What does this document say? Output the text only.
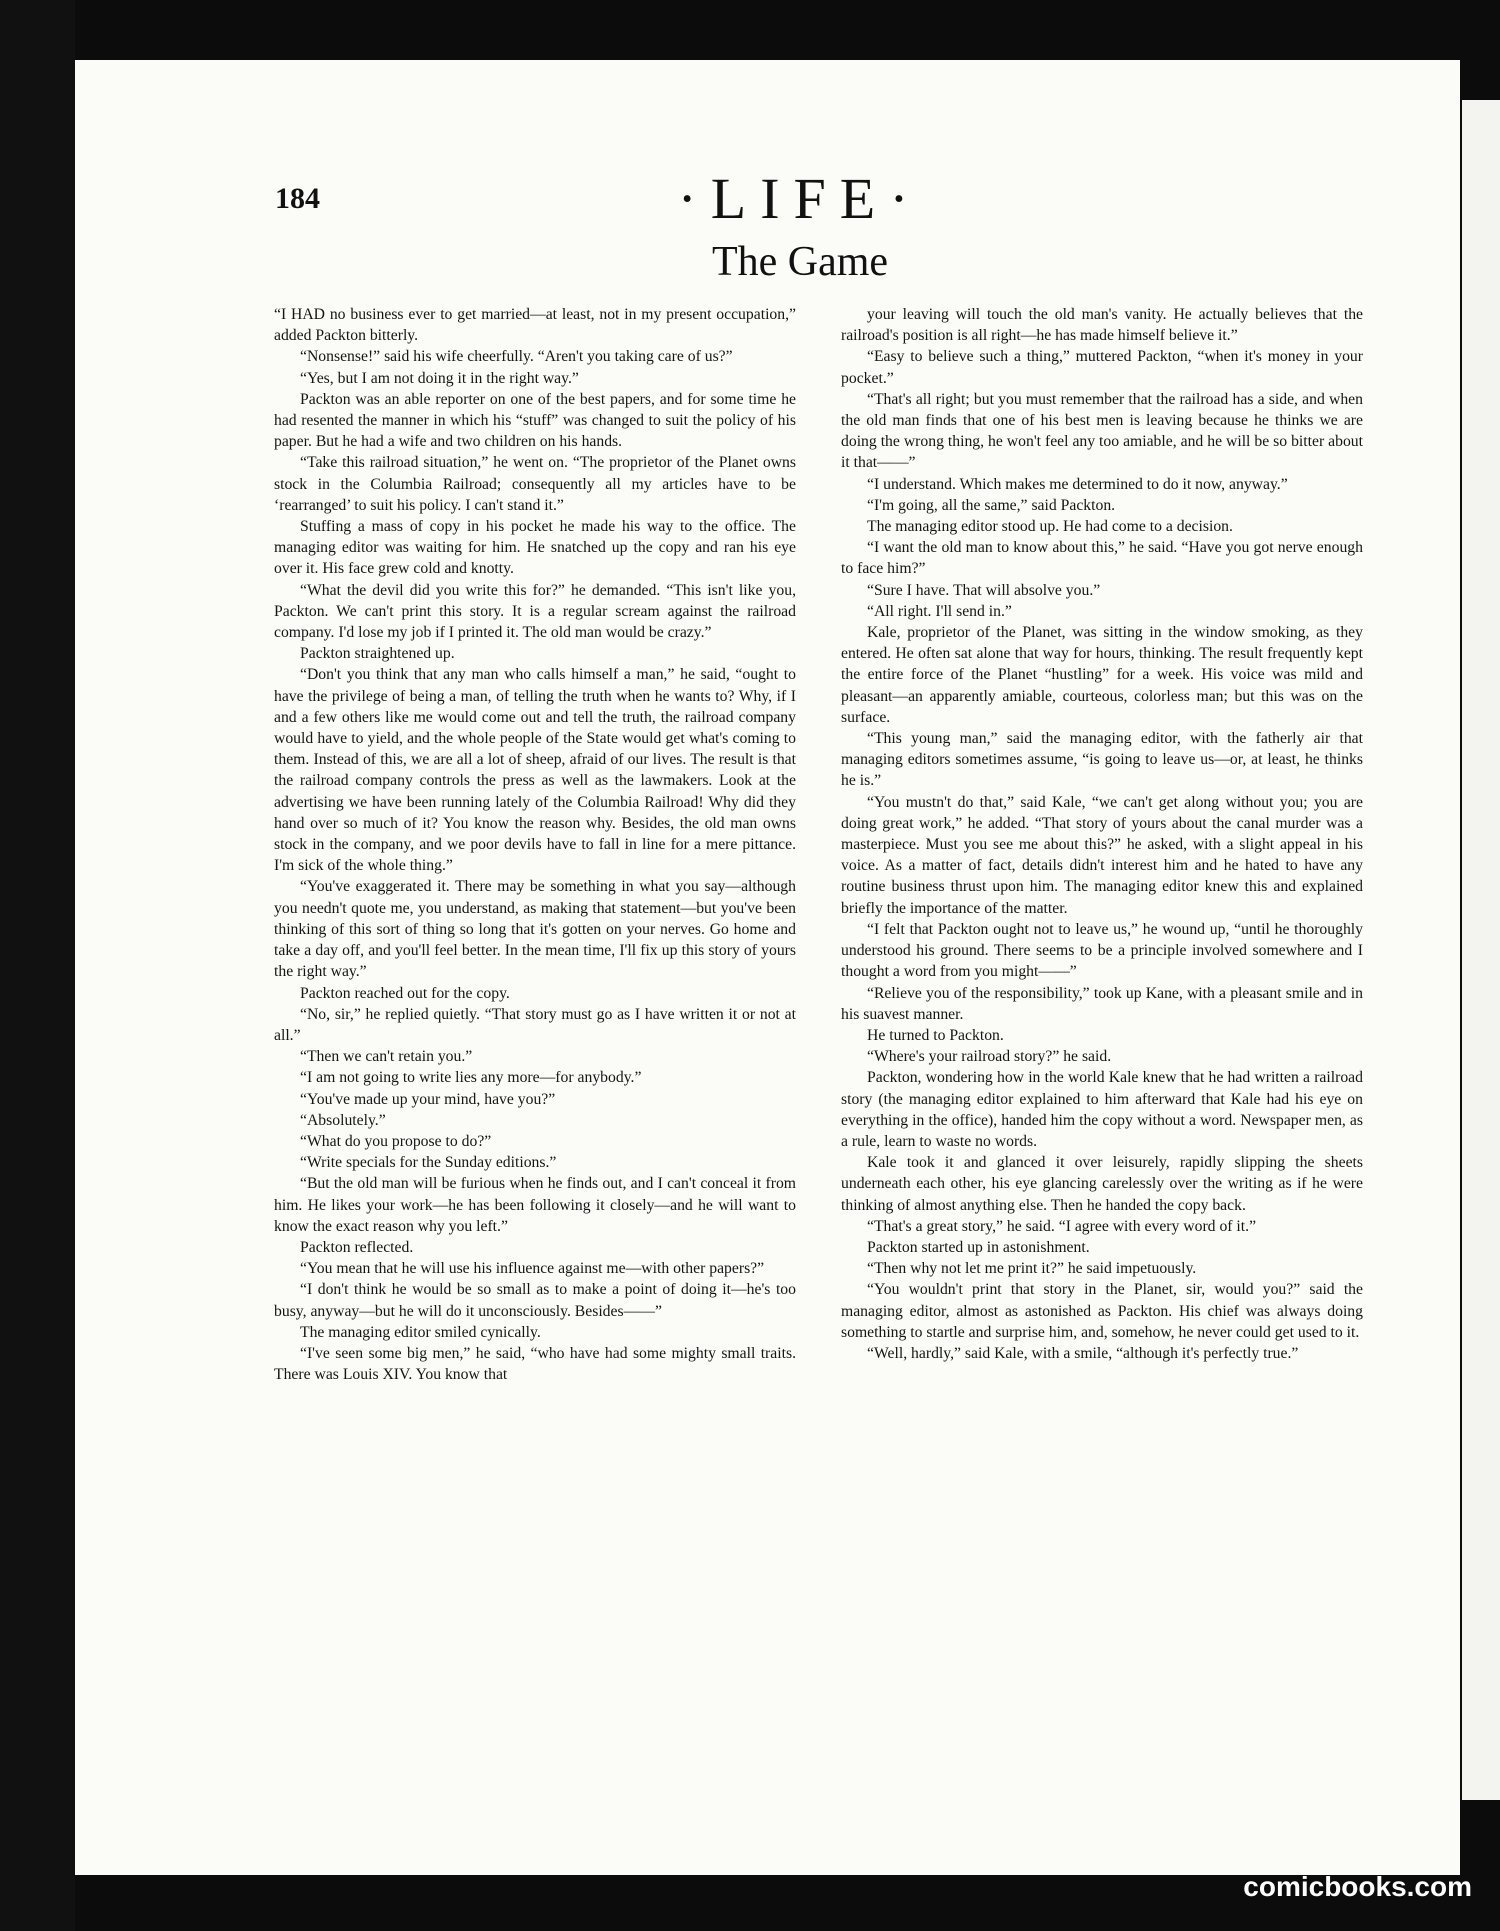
184	·LIFE·
The Game

“I HAD no business ever to get married—at least, not in my present occupation,” added Packton bitterly.

“Nonsense!” said his wife cheerfully. “Aren't you taking care of us?”

“Yes, but I am not doing it in the right way.”

Packton was an able reporter on one of the best papers, and for some time he had resented the manner in which his “stuff” was changed to suit the policy of his paper. But he had a wife and two children on his hands.

“Take this railroad situation,” he went on. “The proprietor of the Planet owns stock in the Columbia Railroad; consequently all my articles have to be ‘rearranged’ to suit his policy. I can't stand it.”

Stuffing a mass of copy in his pocket he made his way to the office. The managing editor was waiting for him. He snatched up the copy and ran his eye over it. His face grew cold and knotty.

“What the devil did you write this for?” he demanded. “This isn't like you, Packton. We can't print this story. It is a regular scream against the railroad company. I'd lose my job if I printed it. The old man would be crazy.”

Packton straightened up.

“Don't you think that any man who calls himself a man,” he said, “ought to have the privilege of being a man, of telling the truth when he wants to? Why, if I and a few others like me would come out and tell the truth, the railroad company would have to yield, and the whole people of the State would get what's coming to them. Instead of this, we are all a lot of sheep, afraid of our lives. The result is that the railroad company controls the press as well as the lawmakers. Look at the advertising we have been running lately of the Columbia Railroad! Why did they hand over so much of it? You know the reason why. Besides, the old man owns stock in the company, and we poor devils have to fall in line for a mere pittance. I'm sick of the whole thing.”

“You've exaggerated it. There may be something in what you say—although you needn't quote me, you understand, as making that statement—but you've been thinking of this sort of thing so long that it's gotten on your nerves. Go home and take a day off, and you'll feel better. In the mean time, I'll fix up this story of yours the right way.”

Packton reached out for the copy.

“No, sir,” he replied quietly. “That story must go as I have written it or not at all.”

“Then we can't retain you.”

“I am not going to write lies any more—for anybody.”

“You've made up your mind, have you?”

“Absolutely.”

“What do you propose to do?”

“Write specials for the Sunday editions.”

“But the old man will be furious when he finds out, and I can't conceal it from him. He likes your work—he has been following it closely—and he will want to know the exact reason why you left.”

Packton reflected.

“You mean that he will use his influence against me—with other papers?”

“I don't think he would be so small as to make a point of doing it—he's too busy, anyway—but he will do it unconsciously. Besides——”

The managing editor smiled cynically.

“I've seen some big men,” he said, “who have had some mighty small traits. There was Louis XIV. You know that

your leaving will touch the old man's vanity. He actually believes that the railroad's position is all right—he has made himself believe it.”

“Easy to believe such a thing,” muttered Packton, “when it's money in your pocket.”

“That's all right; but you must remember that the railroad has a side, and when the old man finds that one of his best men is leaving because he thinks we are doing the wrong thing, he won't feel any too amiable, and he will be so bitter about it that——”

“I understand. Which makes me determined to do it now, anyway.”

“I'm going, all the same,” said Packton.

The managing editor stood up. He had come to a decision.

“I want the old man to know about this,” he said. “Have you got nerve enough to face him?”

“Sure I have. That will absolve you.”

“All right. I'll send in.”

Kale, proprietor of the Planet, was sitting in the window smoking, as they entered. He often sat alone that way for hours, thinking. The result frequently kept the entire force of the Planet “hustling” for a week. His voice was mild and pleasant—an apparently amiable, courteous, colorless man; but this was on the surface.

“This young man,” said the managing editor, with the fatherly air that managing editors sometimes assume, “is going to leave us—or, at least, he thinks he is.”

“You mustn't do that,” said Kale, “we can't get along without you; you are doing great work,” he added. “That story of yours about the canal murder was a masterpiece. Must you see me about this?” he asked, with a slight appeal in his voice. As a matter of fact, details didn't interest him and he hated to have any routine business thrust upon him. The managing editor knew this and explained briefly the importance of the matter.

“I felt that Packton ought not to leave us,” he wound up, “until he thoroughly understood his ground. There seems to be a principle involved somewhere and I thought a word from you might——”

“Relieve you of the responsibility,” took up Kane, with a pleasant smile and in his suavest manner.

He turned to Packton.

“Where's your railroad story?” he said.

Packton, wondering how in the world Kale knew that he had written a railroad story (the managing editor explained to him afterward that Kale had his eye on everything in the office), handed him the copy without a word. Newspaper men, as a rule, learn to waste no words.

Kale took it and glanced it over leisurely, rapidly slipping the sheets underneath each other, his eye glancing carelessly over the writing as if he were thinking of almost anything else. Then he handed the copy back.

“That's a great story,” he said. “I agree with every word of it.”

Packton started up in astonishment.

“Then why not let me print it?” he said impetuously.

“You wouldn't print that story in the Planet, sir, would you?” said the managing editor, almost as astonished as Packton. His chief was always doing something to startle and surprise him, and, somehow, he never could get used to it.

“Well, hardly,” said Kale, with a smile, “although it's perfectly true.”

comicbooks.com
